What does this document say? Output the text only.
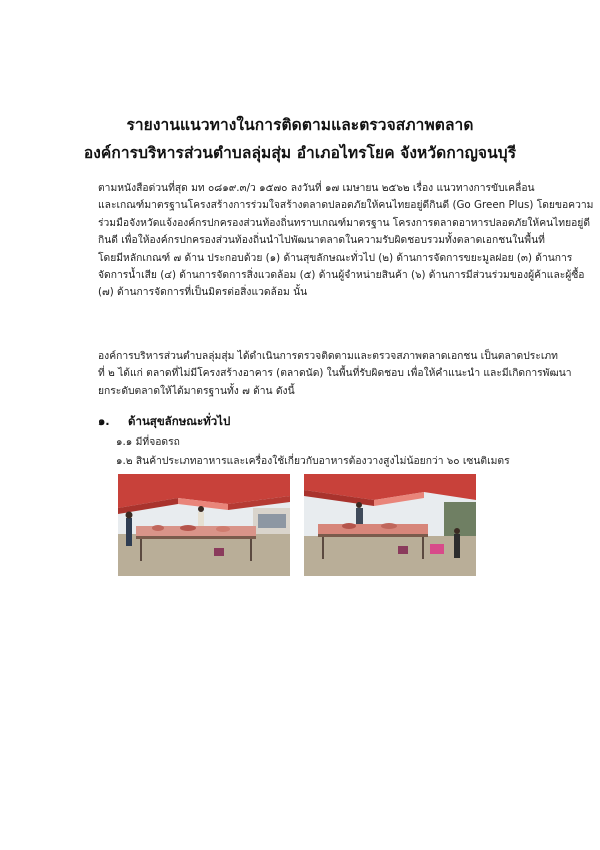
รายงานแนวทางในการติดตามและตรวจสภาพตลาด
องค์การบริหารส่วนตำบลลุ่มสุ่ม อำเภอไทรโยค จังหวัดกาญจนบุรี
ตามหนังสือด่วนที่สุด มท ๐๘๑๙.๓/ว ๑๕๗๐ ลงวันที่ ๑๗ เมษายน ๒๕๖๒ เรื่อง แนวทางการขับเคลื่อน
และเกณฑ์มาตรฐานโครงสร้างการร่วมใจสร้างตลาดปลอดภัยให้คนไทยอยู่ดีกินดี (Go Green Plus) โดยขอความ
ร่วมมือจังหวัดแจ้งองค์กรปกครองส่วนท้องถิ่นทราบเกณฑ์มาตรฐาน โครงการตลาดอาหารปลอดภัยให้คนไทยอยู่ดี
กินดี เพื่อให้องค์กรปกครองส่วนท้องถิ่นนำไปพัฒนาตลาดในความรับผิดชอบรวมทั้งตลาดเอกชนในพื้นที่
โดยมีหลักเกณฑ์ ๗ ด้าน ประกอบด้วย (๑) ด้านสุขลักษณะทั่วไป (๒) ด้านการจัดการขยะมูลฝอย (๓) ด้านการ
จัดการน้ำเสีย (๔) ด้านการจัดการสิ่งแวดล้อม (๕) ด้านผู้จำหน่ายสินค้า (๖) ด้านการมีส่วนร่วมของผู้ค้าและผู้ซื้อ
(๗) ด้านการจัดการที่เป็นมิตรต่อสิ่งแวดล้อม นั้น
องค์การบริหารส่วนตำบลลุ่มสุ่ม ได้ดำเนินการตรวจติดตามและตรวจสภาพตลาดเอกชน เป็นตลาดประเภท
ที่ ๒ ได้แก่ ตลาดที่ไม่มีโครงสร้างอาคาร (ตลาดนัด) ในพื้นที่รับผิดชอบ เพื่อให้คำแนะนำ และมีเกิดการพัฒนา
ยกระดับตลาดให้ได้มาตรฐานทั้ง ๗ ด้าน ดังนี้
๑. ด้านสุขลักษณะทั่วไป
๑.๑ มีที่จอดรถ
๑.๒ สินค้าประเภทอาหารและเครื่องใช้เกี่ยวกับอาหารต้องวางสูงไม่น้อยกว่า ๖๐ เซนติเมตร
